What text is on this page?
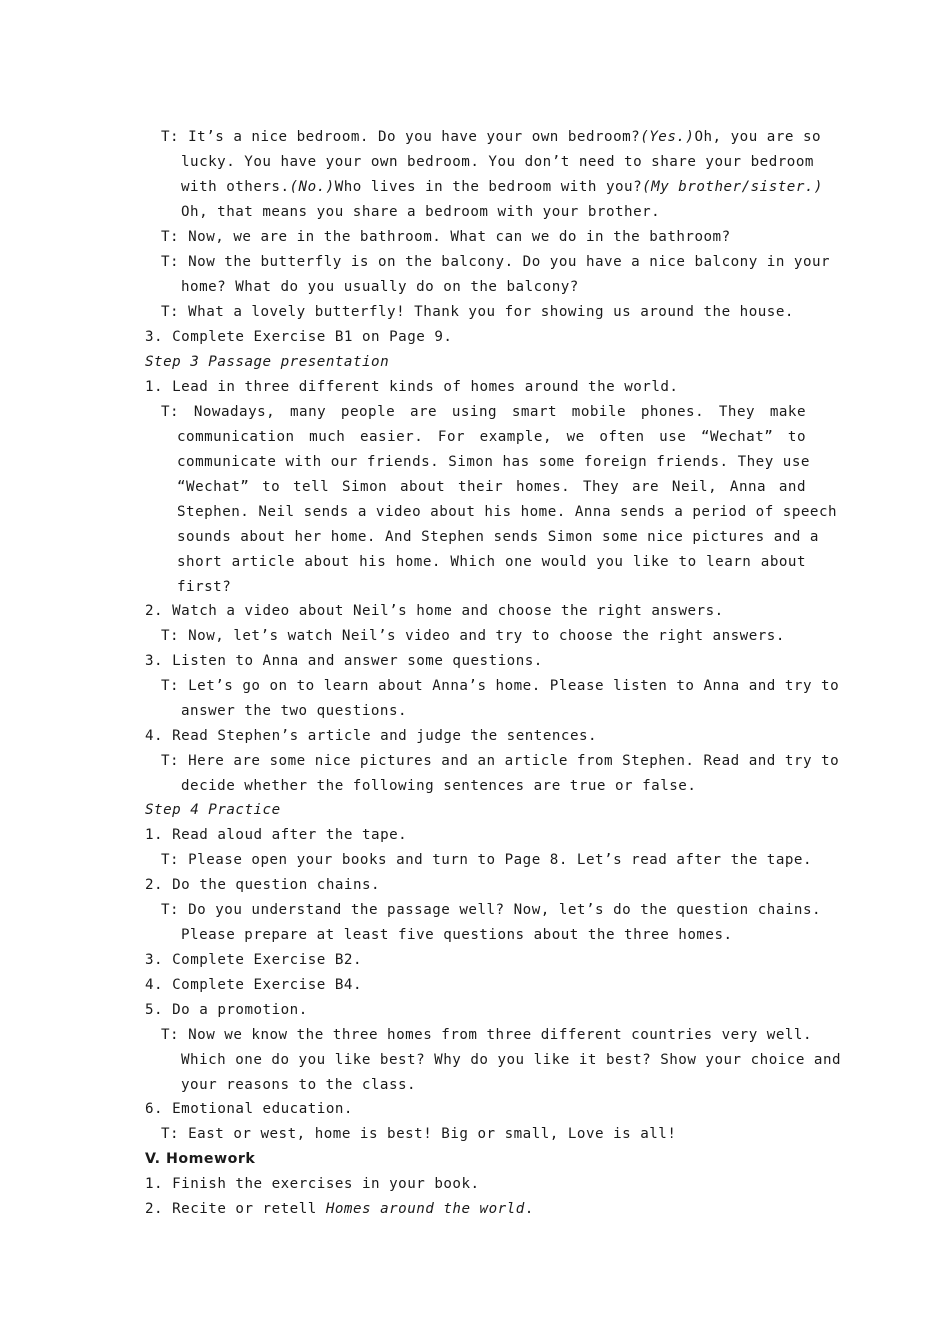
T: It’s a nice bedroom. Do you have your own bedroom? (Yes.) Oh, you are so
lucky. You have your own bedroom. You don’t need to share your bedroom
with others. (No.) Who lives in the bedroom with you? (My brother/sister.)
Oh, that means you share a bedroom with your brother.
T: Now, we are in the bathroom. What can we do in the bathroom?
T: Now the butterfly is on the balcony. Do you have a nice balcony in your
home? What do you usually do on the balcony?
T: What a lovely butterfly! Thank you for showing us around the house.
3. Complete Exercise B1 on Page 9.
Step 3 Passage presentation
1. Lead in three different kinds of homes around the world.
T: Nowadays, many people are using smart mobile phones. They make
communication much easier. For example, we often use “Wechat” to
communicate with our friends. Simon has some foreign friends. They use
“Wechat” to tell Simon about their homes. They are Neil, Anna and
Stephen. Neil sends a video about his home. Anna sends a period of speech
sounds about her home. And Stephen sends Simon some nice pictures and a
short article about his home. Which one would you like to learn about
first?
2. Watch a video about Neil’s home and choose the right answers.
T: Now, let’s watch Neil’s video and try to choose the right answers.
3. Listen to Anna and answer some questions.
T: Let’s go on to learn about Anna’s home. Please listen to Anna and try to
answer the two questions.
4. Read Stephen’s article and judge the sentences.
T: Here are some nice pictures and an article from Stephen. Read and try to
decide whether the following sentences are true or false.
Step 4 Practice
1. Read aloud after the tape.
T: Please open your books and turn to Page 8. Let’s read after the tape.
2. Do the question chains.
T: Do you understand the passage well? Now, let’s do the question chains.
Please prepare at least five questions about the three homes.
3. Complete Exercise B2.
4. Complete Exercise B4.
5. Do a promotion.
T: Now we know the three homes from three different countries very well.
Which one do you like best? Why do you like it best? Show your choice and
your reasons to the class.
6. Emotional education.
T: East or west, home is best! Big or small, Love is all!
V. Homework
1. Finish the exercises in your book.
2. Recite or retell Homes around the world.
